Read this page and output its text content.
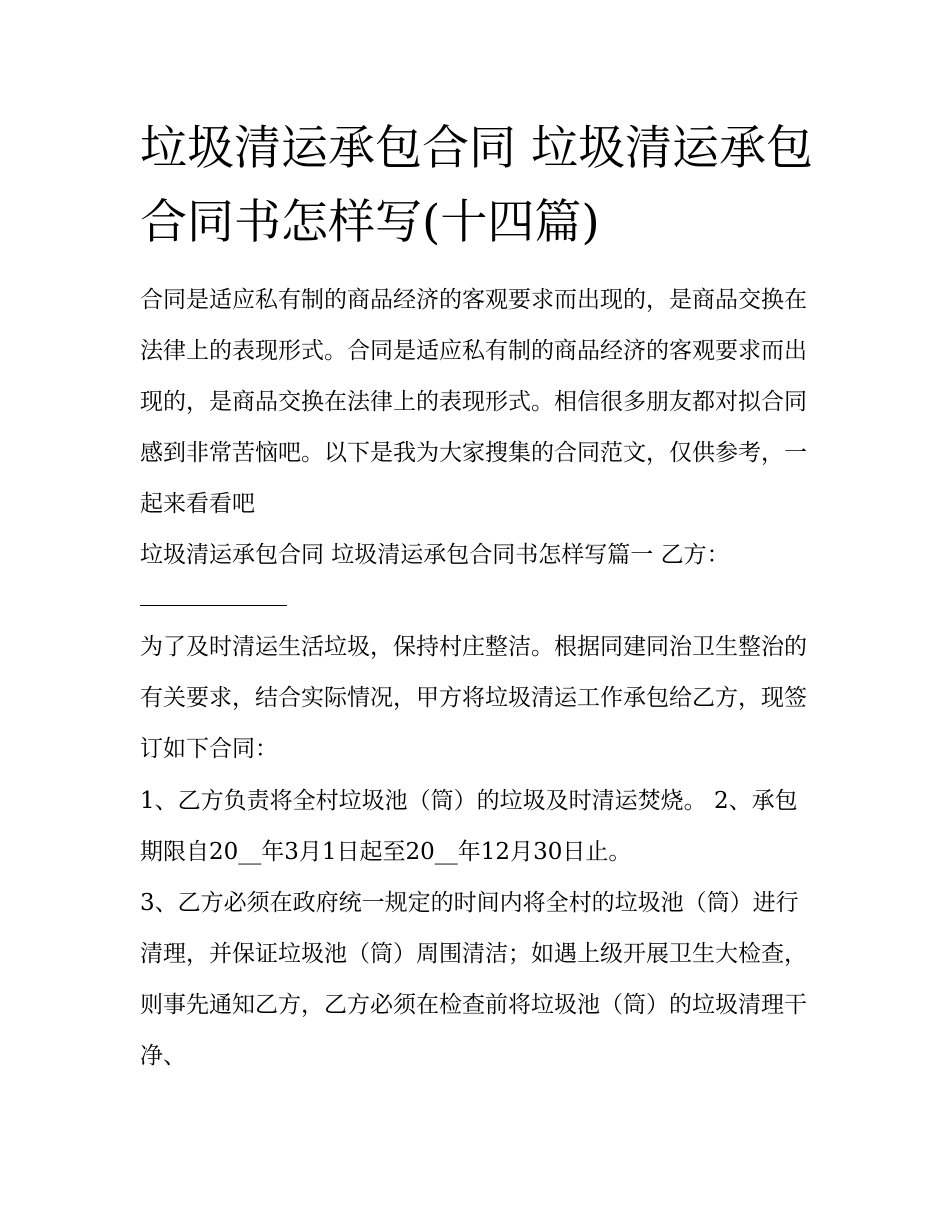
垃圾清运承包合同 垃圾清运承包合同书怎样写(十四篇)

合同是适应私有制的商品经济的客观要求而出现的，是商品交换在法律上的表现形式。合同是适应私有制的商品经济的客观要求而出现的，是商品交换在法律上的表现形式。相信很多朋友都对拟合同感到非常苦恼吧。以下是我为大家搜集的合同范文，仅供参考，一起来看看吧

垃圾清运承包合同 垃圾清运承包合同书怎样写篇一 乙方：

为了及时清运生活垃圾，保持村庄整洁。根据同建同治卫生整治的有关要求，结合实际情况，甲方将垃圾清运工作承包给乙方，现签订如下合同：

1、乙方负责将全村垃圾池（筒）的垃圾及时清运焚烧。 2、承包期限自20__年3月1日起至20__年12月30日止。

3、乙方必须在政府统一规定的时间内将全村的垃圾池（筒）进行清理，并保证垃圾池（筒）周围清洁；如遇上级开展卫生大检查，则事先通知乙方，乙方必须在检查前将垃圾池（筒）的垃圾清理干净、
